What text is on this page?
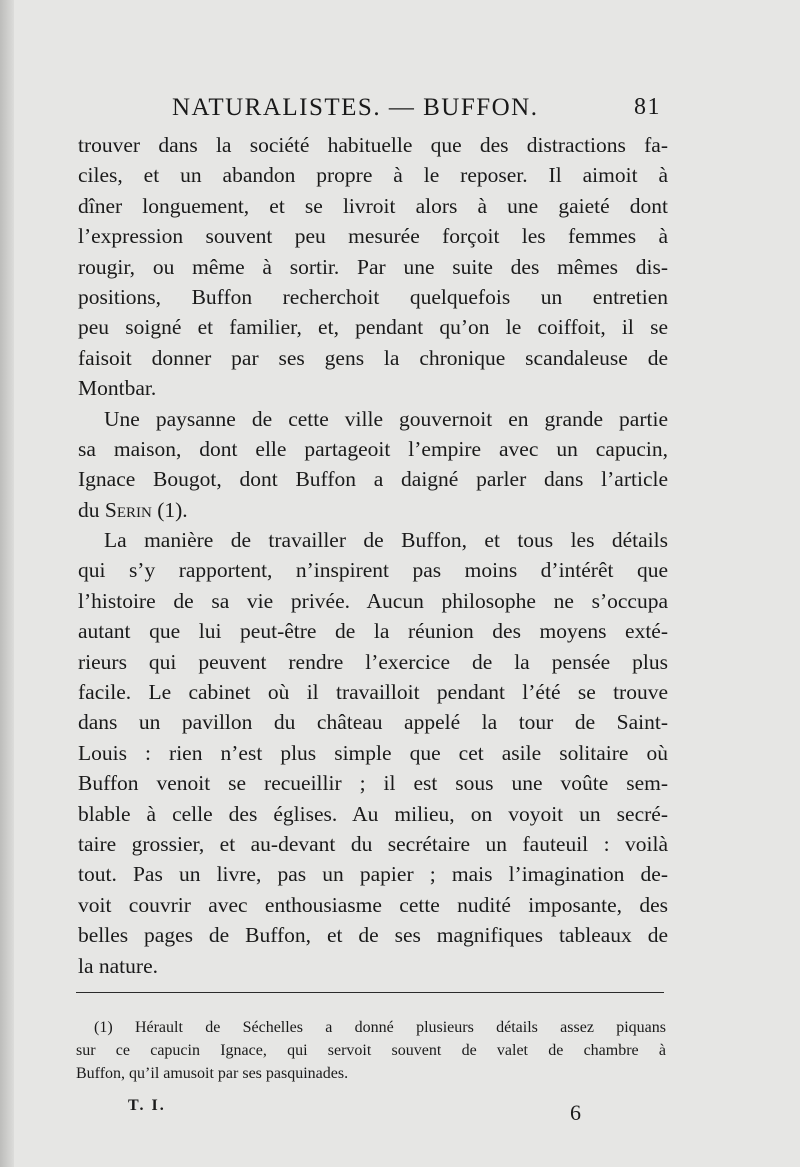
NATURALISTES. — BUFFON.	81
trouver dans la société habituelle que des distractions fa-
ciles, et un abandon propre à le reposer. Il aimoit à
dîner longuement, et se livroit alors à une gaieté dont
l’expression souvent peu mesurée forçoit les femmes à
rougir, ou même à sortir. Par une suite des mêmes dis-
positions, Buffon recherchoit quelquefois un entretien
peu soigné et familier, et, pendant qu’on le coiffoit, il se
faisoit donner par ses gens la chronique scandaleuse de
Montbar.
Une paysanne de cette ville gouvernoit en grande partie
sa maison, dont elle partageoit l’empire avec un capucin,
Ignace Bougot, dont Buffon a daigné parler dans l’article
du Serin (1).
La manière de travailler de Buffon, et tous les détails
qui s’y rapportent, n’inspirent pas moins d’intérêt que
l’histoire de sa vie privée. Aucun philosophe ne s’occupa
autant que lui peut-être de la réunion des moyens exté-
rieurs qui peuvent rendre l’exercice de la pensée plus
facile. Le cabinet où il travailloit pendant l’été se trouve
dans un pavillon du château appelé la tour de Saint-
Louis : rien n’est plus simple que cet asile solitaire où
Buffon venoit se recueillir ; il est sous une voûte sem-
blable à celle des églises. Au milieu, on voyoit un secré-
taire grossier, et au-devant du secrétaire un fauteuil : voilà
tout. Pas un livre, pas un papier ; mais l’imagination de-
voit couvrir avec enthousiasme cette nudité imposante, des
belles pages de Buffon, et de ses magnifiques tableaux de
la nature.
(1) Hérault de Séchelles a donné plusieurs détails assez piquans
sur ce capucin Ignace, qui servoit souvent de valet de chambre à
Buffon, qu’il amusoit par ses pasquinades.
T. I.	6
